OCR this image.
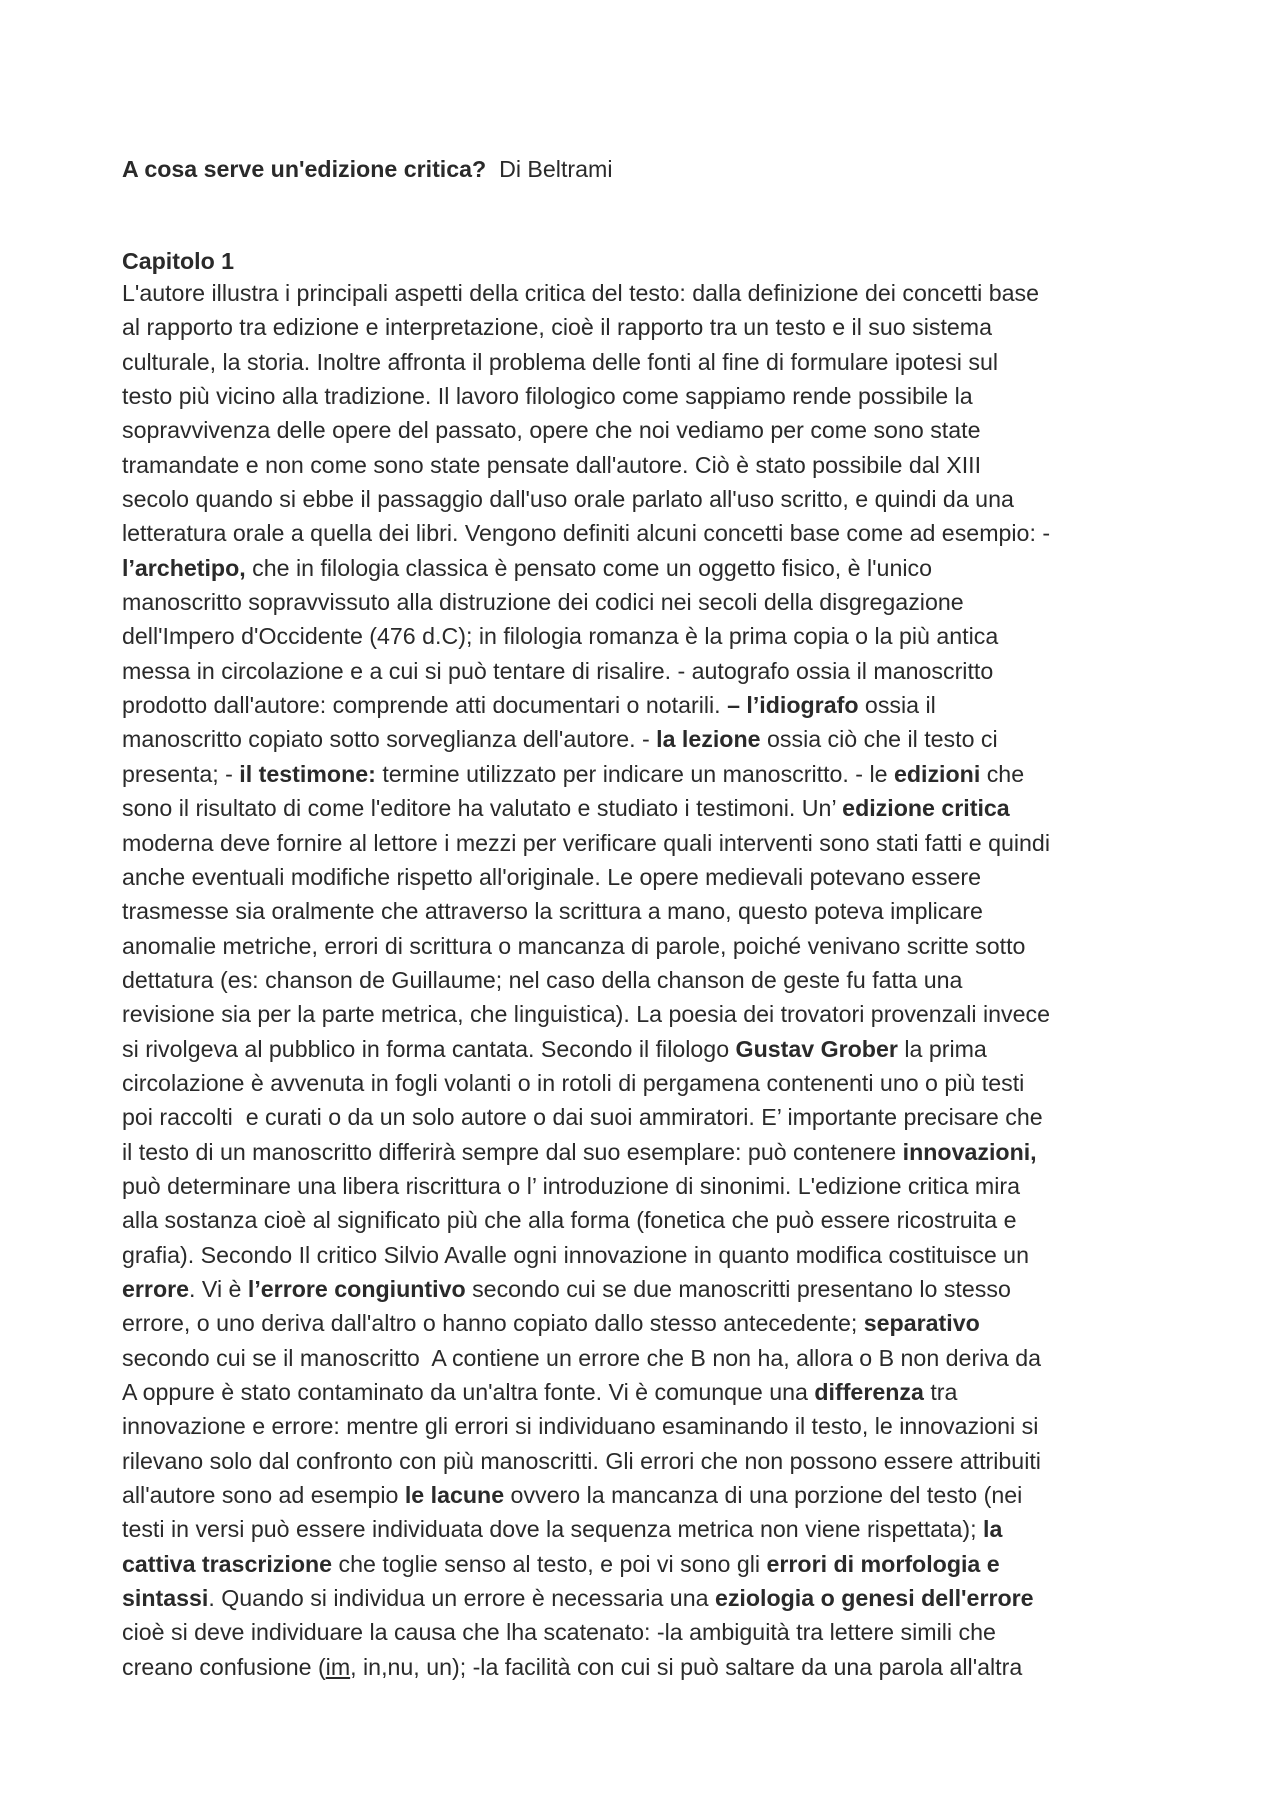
A cosa serve un'edizione critica?  Di Beltrami

Capitolo 1

L'autore illustra i principali aspetti della critica del testo: dalla definizione dei concetti base
al rapporto tra edizione e interpretazione, cioè il rapporto tra un testo e il suo sistema
culturale, la storia. Inoltre affronta il problema delle fonti al fine di formulare ipotesi sul
testo più vicino alla tradizione. Il lavoro filologico come sappiamo rende possibile la
sopravvivenza delle opere del passato, opere che noi vediamo per come sono state
tramandate e non come sono state pensate dall'autore. Ciò è stato possibile dal XIII
secolo quando si ebbe il passaggio dall'uso orale parlato all'uso scritto, e quindi da una
letteratura orale a quella dei libri. Vengono definiti alcuni concetti base come ad esempio: -
l’archetipo, che in filologia classica è pensato come un oggetto fisico, è l'unico
manoscritto sopravvissuto alla distruzione dei codici nei secoli della disgregazione
dell'Impero d'Occidente (476 d.C); in filologia romanza è la prima copia o la più antica
messa in circolazione e a cui si può tentare di risalire. - autografo ossia il manoscritto
prodotto dall'autore: comprende atti documentari o notarili. – l’idiografo ossia il
manoscritto copiato sotto sorveglianza dell'autore. - la lezione ossia ciò che il testo ci
presenta; - il testimone: termine utilizzato per indicare un manoscritto. - le edizioni che
sono il risultato di come l'editore ha valutato e studiato i testimoni. Un’ edizione critica
moderna deve fornire al lettore i mezzi per verificare quali interventi sono stati fatti e quindi
anche eventuali modifiche rispetto all'originale. Le opere medievali potevano essere
trasmesse sia oralmente che attraverso la scrittura a mano, questo poteva implicare
anomalie metriche, errori di scrittura o mancanza di parole, poiché venivano scritte sotto
dettatura (es: chanson de Guillaume; nel caso della chanson de geste fu fatta una
revisione sia per la parte metrica, che linguistica). La poesia dei trovatori provenzali invece
si rivolgeva al pubblico in forma cantata. Secondo il filologo Gustav Grober la prima
circolazione è avvenuta in fogli volanti o in rotoli di pergamena contenenti uno o più testi
poi raccolti  e curati o da un solo autore o dai suoi ammiratori. E’ importante precisare che
il testo di un manoscritto differirà sempre dal suo esemplare: può contenere innovazioni,
può determinare una libera riscrittura o l’ introduzione di sinonimi. L'edizione critica mira
alla sostanza cioè al significato più che alla forma (fonetica che può essere ricostruita e
grafia). Secondo Il critico Silvio Avalle ogni innovazione in quanto modifica costituisce un
errore. Vi è l’errore congiuntivo secondo cui se due manoscritti presentano lo stesso
errore, o uno deriva dall'altro o hanno copiato dallo stesso antecedente; separativo
secondo cui se il manoscritto  A contiene un errore che B non ha, allora o B non deriva da
A oppure è stato contaminato da un'altra fonte. Vi è comunque una differenza tra
innovazione e errore: mentre gli errori si individuano esaminando il testo, le innovazioni si
rilevano solo dal confronto con più manoscritti. Gli errori che non possono essere attribuiti
all'autore sono ad esempio le lacune ovvero la mancanza di una porzione del testo (nei
testi in versi può essere individuata dove la sequenza metrica non viene rispettata); la
cattiva trascrizione che toglie senso al testo, e poi vi sono gli errori di morfologia e
sintassi. Quando si individua un errore è necessaria una eziologia o genesi dell'errore
cioè si deve individuare la causa che lha scatenato: -la ambiguità tra lettere simili che
creano confusione (im, in,nu, un); -la facilità con cui si può saltare da una parola all'altra
